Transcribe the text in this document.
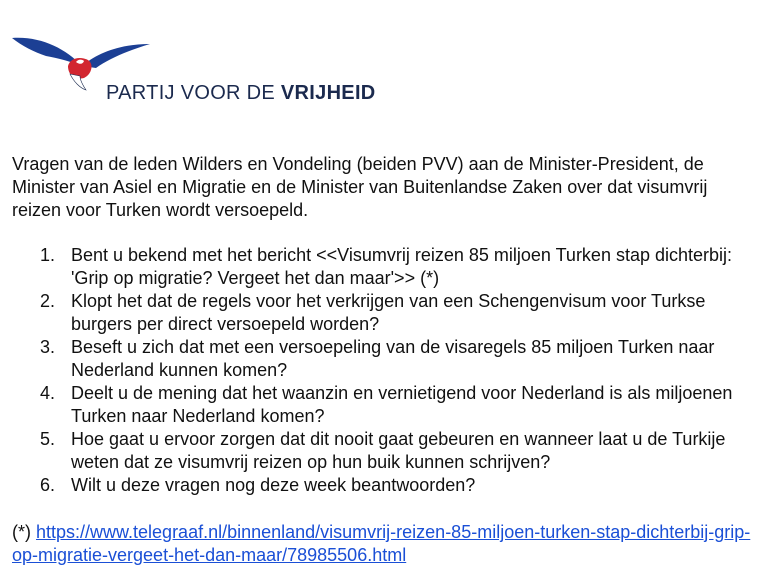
PARTIJ VOOR DE VRIJHEID

Vragen van de leden Wilders en Vondeling (beiden PVV) aan de Minister-President, de Minister van Asiel en Migratie en de Minister van Buitenlandse Zaken over dat visumvrij reizen voor Turken wordt versoepeld.

1. Bent u bekend met het bericht <<Visumvrij reizen 85 miljoen Turken stap dichterbij: 'Grip op migratie? Vergeet het dan maar'>> (*)
2. Klopt het dat de regels voor het verkrijgen van een Schengenvisum voor Turkse burgers per direct versoepeld worden?
3. Beseft u zich dat met een versoepeling van de visaregels 85 miljoen Turken naar Nederland kunnen komen?
4. Deelt u de mening dat het waanzin en vernietigend voor Nederland is als miljoenen Turken naar Nederland komen?
5. Hoe gaat u ervoor zorgen dat dit nooit gaat gebeuren en wanneer laat u de Turkije weten dat ze visumvrij reizen op hun buik kunnen schrijven?
6. Wilt u deze vragen nog deze week beantwoorden?

(*) https://www.telegraaf.nl/binnenland/visumvrij-reizen-85-miljoen-turken-stap-dichterbij-grip-op-migratie-vergeet-het-dan-maar/78985506.html
